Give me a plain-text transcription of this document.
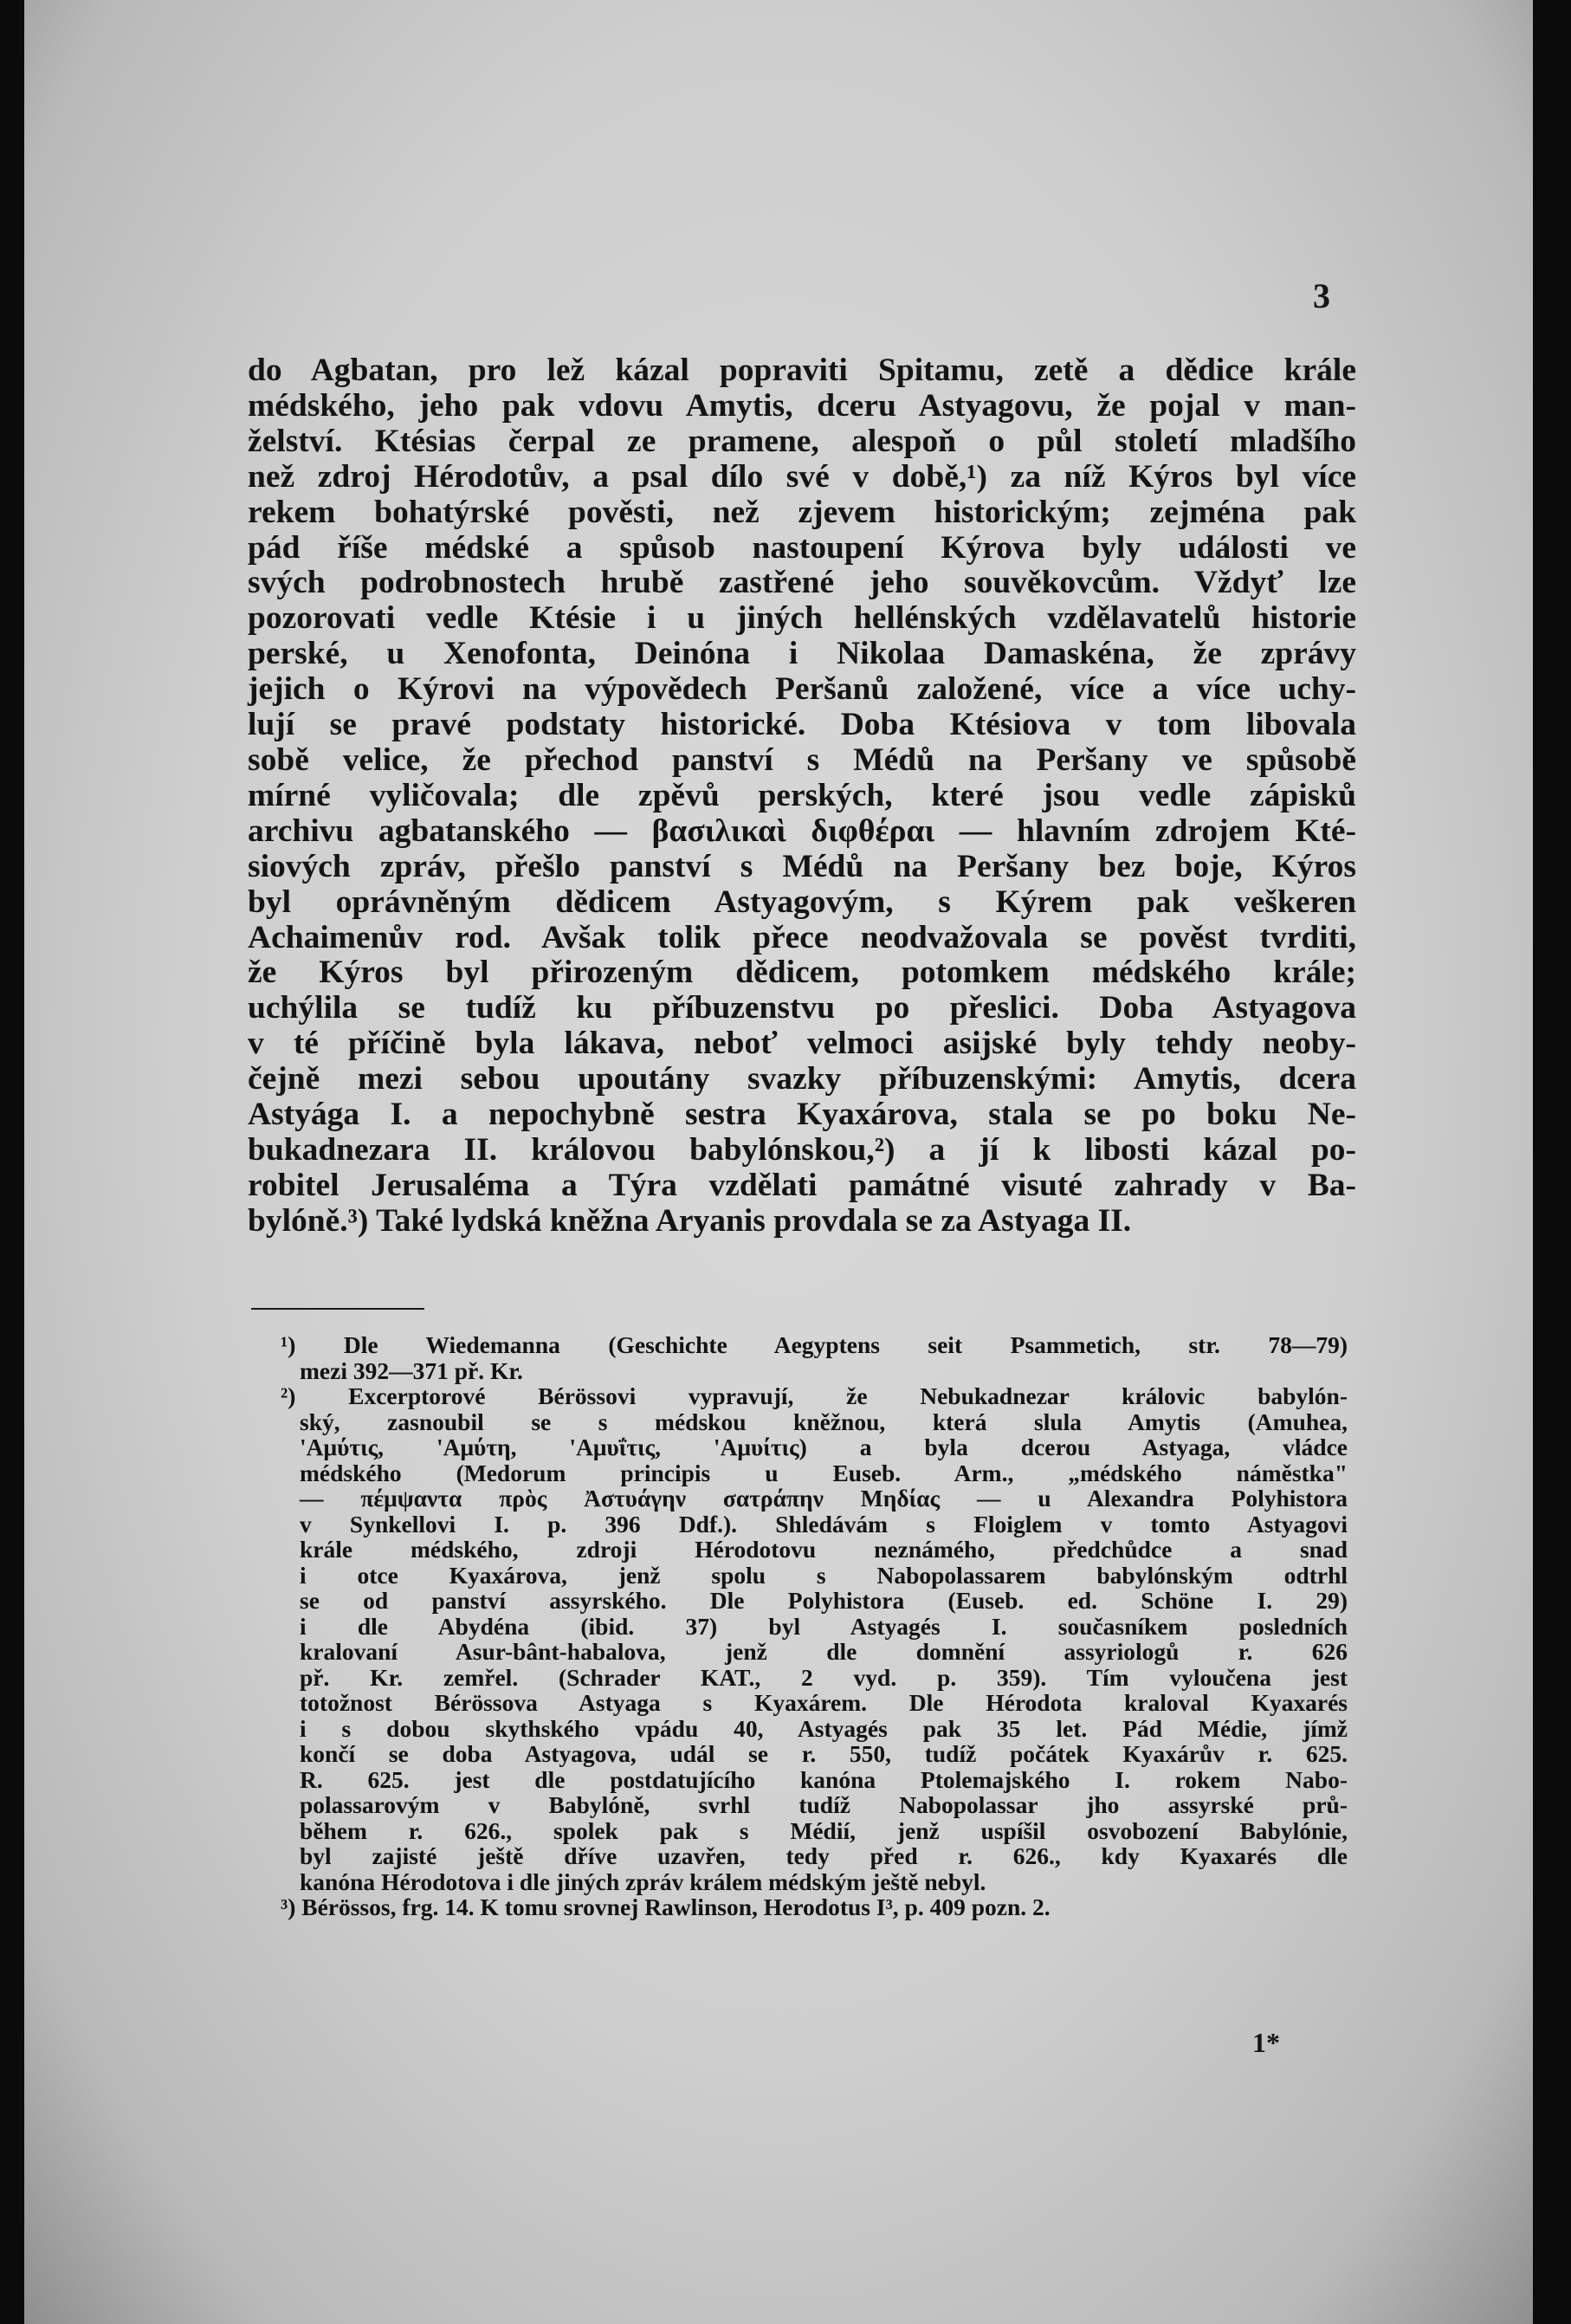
3
do Agbatan, pro lež kázal popraviti Spitamu, zetě a dědice krále
médského, jeho pak vdovu Amytis, dceru Astyagovu, že pojal v man-
želství. Ktésias čerpal ze pramene, alespoň o půl století mladšího
než zdroj Hérodotův, a psal dílo své v době,¹) za níž Kýros byl více
rekem bohatýrské pověsti, než zjevem historickým; zejména pak
pád říše médské a spůsob nastoupení Kýrova byly události ve
svých podrobnostech hrubě zastřené jeho souvěkovcům. Vždyť lze
pozorovati vedle Ktésie i u jiných hellénských vzdělavatelů historie
perské, u Xenofonta, Deinóna i Nikolaa Damaskéna, že zprávy
jejich o Kýrovi na výpovědech Peršanů založené, více a více uchy-
lují se pravé podstaty historické. Doba Ktésiova v tom libovala
sobě velice, že přechod panství s Médů na Peršany ve spůsobě
mírné vyličovala; dle zpěvů perských, které jsou vedle zápisků
archivu agbatanského — βασιλικαὶ διφθέραι — hlavním zdrojem Kté-
siových zpráv, přešlo panství s Médů na Peršany bez boje, Kýros
byl oprávněným dědicem Astyagovým, s Kýrem pak veškeren
Achaimenův rod. Avšak tolik přece neodvažovala se pověst tvrditi,
že Kýros byl přirozeným dědicem, potomkem médského krále;
uchýlila se tudíž ku příbuzenstvu po přeslici. Doba Astyagova
v té příčině byla lákava, neboť velmoci asijské byly tehdy neoby-
čejně mezi sebou upoutány svazky příbuzenskými: Amytis, dcera
Astyága I. a nepochybně sestra Kyaxárova, stala se po boku Ne-
bukadnezara II. královou babylónskou,²) a jí k libosti kázal po-
robitel Jerusaléma a Týra vzdělati památné visuté zahrady v Ba-
bylóně.³) Také lydská kněžna Aryanis provdala se za Astyaga II.
¹) Dle Wiedemanna (Geschichte Aegyptens seit Psammetich, str. 78—79)
mezi 392—371 př. Kr.
²) Excerptorové Bérössovi vypravují, že Nebukadnezar královic babylón-
ský, zasnoubil se s médskou kněžnou, která slula Amytis (Amuhea,
'Αμύτις, 'Αμύτη, 'Αμυΐτις, 'Αμυίτις) a byla dcerou Astyaga, vládce
médského (Medorum principis u Euseb. Arm., „médského náměstka"
— πέμψαντα πρὸς Ἀστυάγην σατράπην Μηδίας — u Alexandra Polyhistora
v Synkellovi I. p. 396 Ddf.). Shledávám s Floiglem v tomto Astyagovi
krále médského, zdroji Hérodotovu neznámého, předchůdce a snad
i otce Kyaxárova, jenž spolu s Nabopolassarem babylónským odtrhl
se od panství assyrského. Dle Polyhistora (Euseb. ed. Schöne I. 29)
i dle Abydéna (ibid. 37) byl Astyagés I. současníkem posledních
kralovaní Asur-bânt-habalova, jenž dle domnění assyriologů r. 626
př. Kr. zemřel. (Schrader KAT., 2 vyd. p. 359). Tím vyloučena jest
totožnost Bérössova Astyaga s Kyaxárem. Dle Hérodota kraloval Kyaxarés
i s dobou skythského vpádu 40, Astyagés pak 35 let. Pád Médie, jímž
končí se doba Astyagova, udál se r. 550, tudíž počátek Kyaxárův r. 625.
R. 625. jest dle postdatujícího kanóna Ptolemajského I. rokem Nabo-
polassarovým v Babylóně, svrhl tudíž Nabopolassar jho assyrské prů-
během r. 626., spolek pak s Médií, jenž uspíšil osvobození Babylónie,
byl zajisté ještě dříve uzavřen, tedy před r. 626., kdy Kyaxarés dle
kanóna Hérodotova i dle jiných zpráv králem médským ještě nebyl.
³) Bérössos, frg. 14. K tomu srovnej Rawlinson, Herodotus I³, p. 409 pozn. 2.
1*
